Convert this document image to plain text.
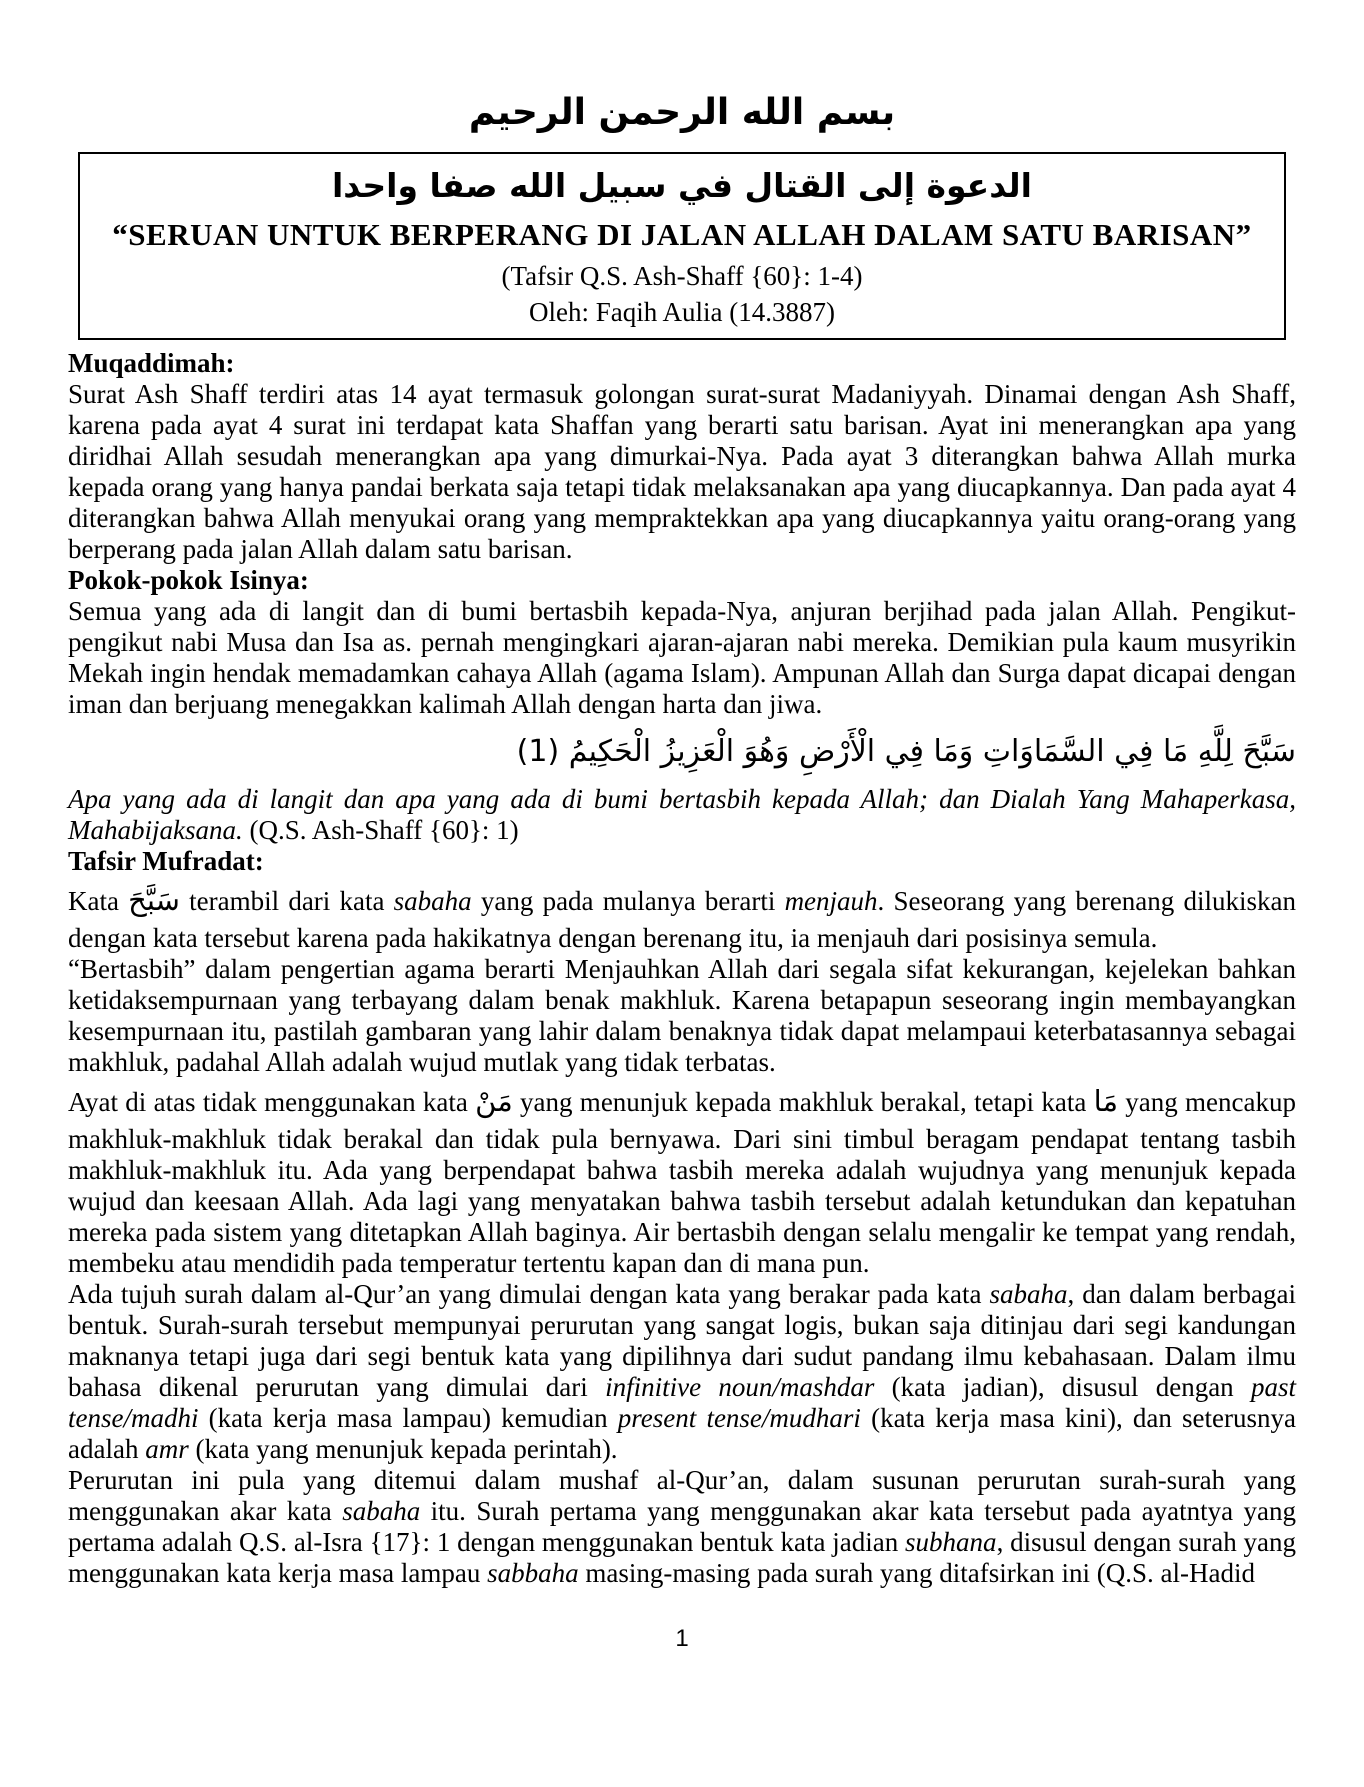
بسم الله الرحمن الرحيم
الدعوة إلى القتال في سبيل الله صفا واحدا
“SERUAN UNTUK BERPERANG DI JALAN ALLAH DALAM SATU BARISAN”
(Tafsir Q.S. Ash-Shaff {60}: 1-4)
Oleh: Faqih Aulia (14.3887)
Muqaddimah:

Surat Ash Shaff terdiri atas 14 ayat termasuk golongan surat-surat Madaniyyah. Dinamai dengan Ash Shaff, karena pada ayat 4 surat ini terdapat kata Shaffan yang berarti satu barisan. Ayat ini menerangkan apa yang diridhai Allah sesudah menerangkan apa yang dimurkai-Nya. Pada ayat 3 diterangkan bahwa Allah murka kepada orang yang hanya pandai berkata saja tetapi tidak melaksanakan apa yang diucapkannya. Dan pada ayat 4 diterangkan bahwa Allah menyukai orang yang mempraktekkan apa yang diucapkannya yaitu orang-orang yang berperang pada jalan Allah dalam satu barisan.

Pokok-pokok Isinya:

Semua yang ada di langit dan di bumi bertasbih kepada-Nya, anjuran berjihad pada jalan Allah. Pengikut-pengikut nabi Musa dan Isa as. pernah mengingkari ajaran-ajaran nabi mereka. Demikian pula kaum musyrikin Mekah ingin hendak memadamkan cahaya Allah (agama Islam). Ampunan Allah dan Surga dapat dicapai dengan iman dan berjuang menegakkan kalimah Allah dengan harta dan jiwa.

سَبَّحَ لِلَّهِ مَا فِي السَّمَاوَاتِ وَمَا فِي الْأَرْضِ وَهُوَ الْعَزِيزُ الْحَكِيمُ (1)

Apa yang ada di langit dan apa yang ada di bumi bertasbih kepada Allah; dan Dialah Yang Mahaperkasa, Mahabijaksana. (Q.S. Ash-Shaff {60}: 1)

Tafsir Mufradat:

Kata سَبَّحَ terambil dari kata sabaha yang pada mulanya berarti menjauh. Seseorang yang berenang dilukiskan dengan kata tersebut karena pada hakikatnya dengan berenang itu, ia menjauh dari posisinya semula.

“Bertasbih” dalam pengertian agama berarti Menjauhkan Allah dari segala sifat kekurangan, kejelekan bahkan ketidaksempurnaan yang terbayang dalam benak makhluk. Karena betapapun seseorang ingin membayangkan kesempurnaan itu, pastilah gambaran yang lahir dalam benaknya tidak dapat melampaui keterbatasannya sebagai makhluk, padahal Allah adalah wujud mutlak yang tidak terbatas.

Ayat di atas tidak menggunakan kata مَنْ yang menunjuk kepada makhluk berakal, tetapi kata مَا yang mencakup makhluk-makhluk tidak berakal dan tidak pula bernyawa. Dari sini timbul beragam pendapat tentang tasbih makhluk-makhluk itu. Ada yang berpendapat bahwa tasbih mereka adalah wujudnya yang menunjuk kepada wujud dan keesaan Allah. Ada lagi yang menyatakan bahwa tasbih tersebut adalah ketundukan dan kepatuhan mereka pada sistem yang ditetapkan Allah baginya. Air bertasbih dengan selalu mengalir ke tempat yang rendah, membeku atau mendidih pada temperatur tertentu kapan dan di mana pun.

Ada tujuh surah dalam al-Qur’an yang dimulai dengan kata yang berakar pada kata sabaha, dan dalam berbagai bentuk. Surah-surah tersebut mempunyai perurutan yang sangat logis, bukan saja ditinjau dari segi kandungan maknanya tetapi juga dari segi bentuk kata yang dipilihnya dari sudut pandang ilmu kebahasaan. Dalam ilmu bahasa dikenal perurutan yang dimulai dari infinitive noun/mashdar (kata jadian), disusul dengan past tense/madhi (kata kerja masa lampau) kemudian present tense/mudhari (kata kerja masa kini), dan seterusnya adalah amr (kata yang menunjuk kepada perintah).

Perurutan ini pula yang ditemui dalam mushaf al-Qur’an, dalam susunan perurutan surah-surah yang menggunakan akar kata sabaha itu. Surah pertama yang menggunakan akar kata tersebut pada ayatntya yang pertama adalah Q.S. al-Isra {17}: 1 dengan menggunakan bentuk kata jadian subhana, disusul dengan surah yang menggunakan kata kerja masa lampau sabbaha masing-masing pada surah yang ditafsirkan ini (Q.S. al-Hadid

1
